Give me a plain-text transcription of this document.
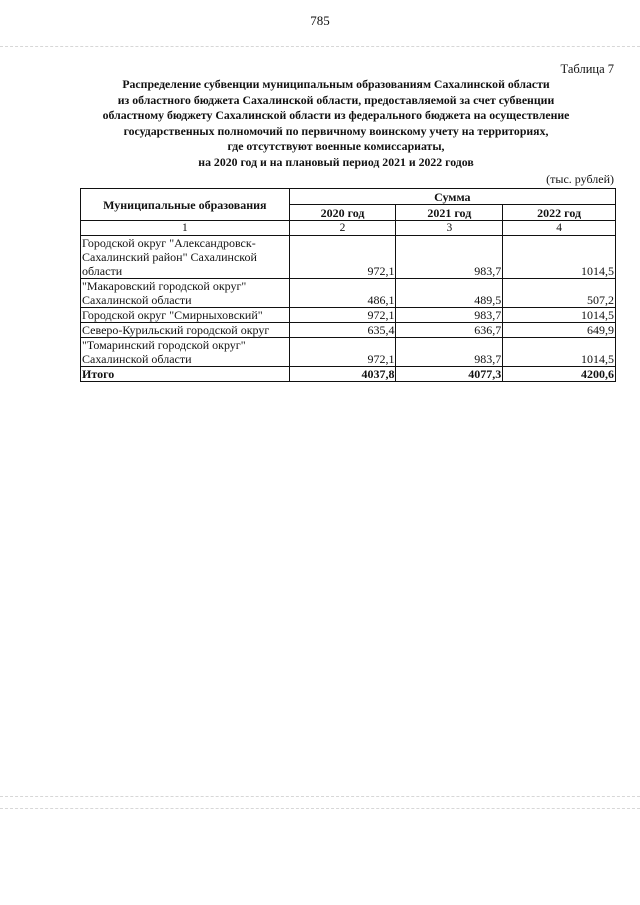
785
Таблица 7
Распределение субвенции муниципальным образованиям Сахалинской области
из областного бюджета Сахалинской области, предоставляемой за счет субвенции
областному бюджету Сахалинской области из федерального бюджета на осуществление
государственных полномочий по первичному воинскому учету на территориях,
где отсутствуют военные комиссариаты,
на 2020 год и на плановый период 2021 и 2022 годов
(тыс. рублей)
Муниципальные образования	Сумма		
	2020 год	2021 год	2022 год
1	2	3	4
Городской округ "Александровск-Сахалинский район" Сахалинской области	972,1	983,7	1014,5
"Макаровский городской округ" Сахалинской области	486,1	489,5	507,2
Городской округ "Смирныховский"	972,1	983,7	1014,5
Северо-Курильский городской округ	635,4	636,7	649,9
"Томаринский городской округ" Сахалинской области	972,1	983,7	1014,5
Итого	4037,8	4077,3	4200,6
